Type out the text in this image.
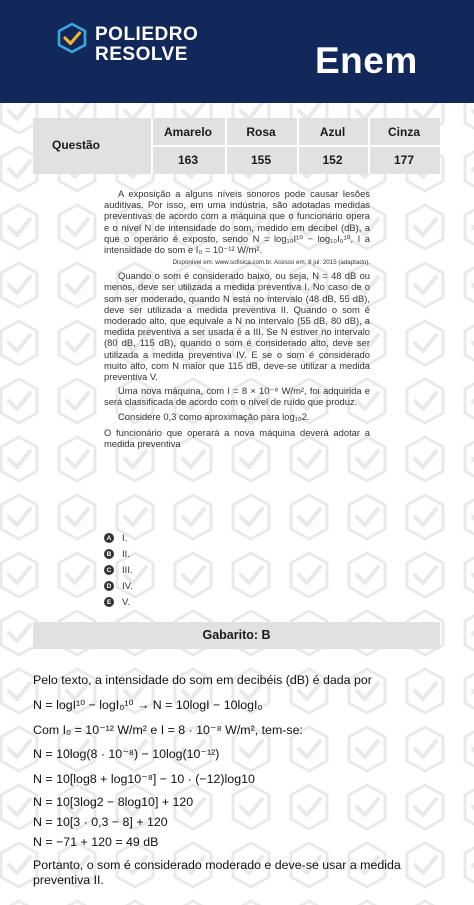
POLIEDRO
RESOLVE	Enem
Questão
Amarelo	Rosa	Azul	Cinza
163	155	152	177

A exposição a alguns níveis sonoros pode causar lesões auditivas. Por isso, em uma indústria, são adotadas medidas preventivas de acordo com a máquina que o funcionário opera e o nível N de intensidade do som, medido em decibel (dB), a que o operário é exposto, sendo N = log₁₀I¹⁰ − log₁₀I₀¹⁰, I a intensidade do som e I₀ = 10⁻¹² W/m².

Disponível em: www.sofisica.com.br. Acesso em: 8 jul. 2015 (adaptado).

Quando o som é considerado baixo, ou seja, N = 48 dB ou menos, deve ser utilizada a medida preventiva I. No caso de o som ser moderado, quando N está no intervalo (48 dB, 55 dB), deve ser utilizada a medida preventiva II. Quando o som é moderado alto, que equivale a N no intervalo (55 dB, 80 dB), a medida preventiva a ser usada é a III. Se N estiver no intervalo (80 dB, 115 dB), quando o som é considerado alto, deve ser utilizada a medida preventiva IV. E se o som é considerado muito alto, com N maior que 115 dB, deve-se utilizar a medida preventiva V.

Uma nova máquina, com I = 8 × 10⁻⁸ W/m², foi adquirida e será classificada de acordo com o nível de ruído que produz.

Considere 0,3 como aproximação para log₁₀2.

O funcionário que operará a nova máquina deverá adotar a medida preventiva

A I.
B II.
C III.
D IV.
E V.
Gabarito: B
Pelo texto, a intensidade do som em decibéis (dB) é dada por
N = logI¹⁰ − logI₀¹⁰ → N = 10logI − 10logI₀
Com I₀ = 10⁻¹² W/m² e I = 8 · 10⁻⁸ W/m², tem-se:
N = 10log(8 · 10⁻⁸) − 10log(10⁻¹²)
N = 10[log8 + log10⁻⁸] − 10 · (−12)log10
N = 10[3log2 − 8log10] + 120
N = 10[3 · 0,3 − 8] + 120
N = −71 + 120 = 49 dB
Portanto, o som é considerado moderado e deve-se usar a medida preventiva II.
